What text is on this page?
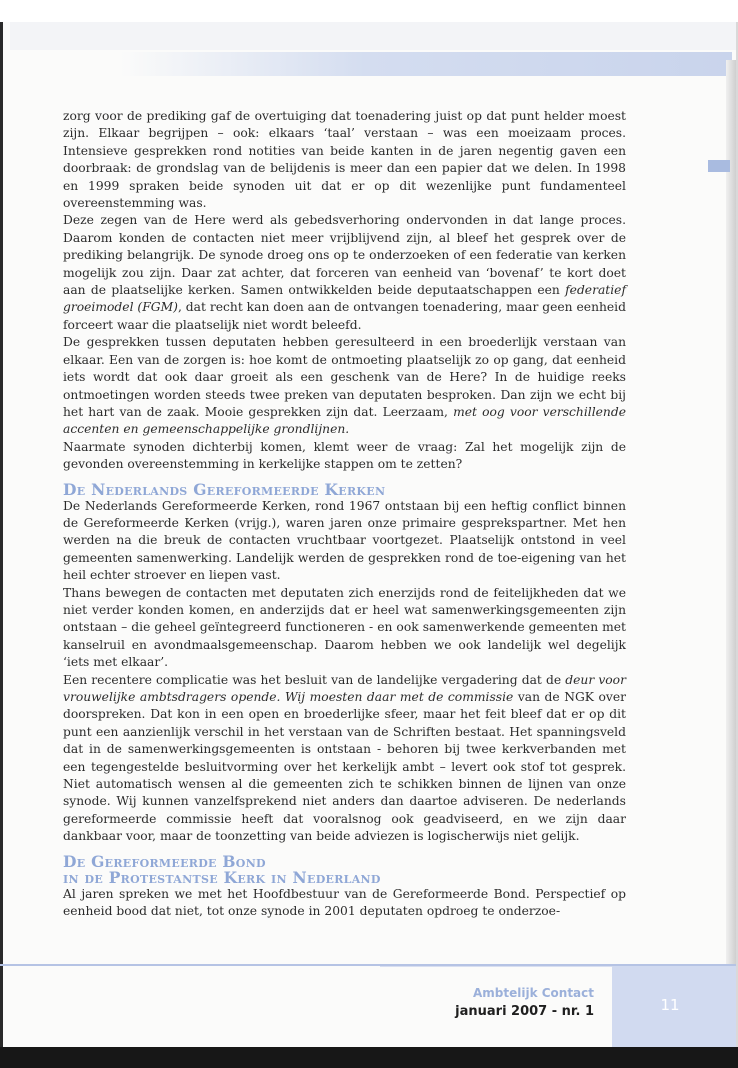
zorg voor de prediking gaf de overtuiging dat toenadering juist op dat punt helder moest zijn. Elkaar begrijpen – ook: elkaars ‘taal’ verstaan – was een moeizaam proces. Intensieve gesprekken rond notities van beide kanten in de jaren negentig gaven een doorbraak: de grondslag van de belijdenis is meer dan een papier dat we delen. In 1998 en 1999 spraken beide synoden uit dat er op dit wezenlijke punt fundamenteel overeenstemming was.

Deze zegen van de Here werd als gebedsverhoring ondervonden in dat lange proces. Daarom konden de contacten niet meer vrijblijvend zijn, al bleef het gesprek over de prediking belangrijk. De synode droeg ons op te onderzoeken of een federatie van kerken mogelijk zou zijn. Daar zat achter, dat forceren van eenheid van ‘bovenaf’ te kort doet aan de plaatselijke kerken. Samen ontwikkelden beide deputaatschappen een federatief groeimodel (FGM), dat recht kan doen aan de ontvangen toenadering, maar geen eenheid forceert waar die plaatselijk niet wordt beleefd.

De gesprekken tussen deputaten hebben geresulteerd in een broederlijk verstaan van elkaar. Een van de zorgen is: hoe komt de ontmoeting plaatselijk zo op gang, dat eenheid iets wordt dat ook daar groeit als een geschenk van de Here? In de huidige reeks ontmoetingen worden steeds twee preken van deputaten besproken. Dan zijn we echt bij het hart van de zaak. Mooie gesprekken zijn dat. Leerzaam, met oog voor verschillende accenten en gemeenschappelijke grondlijnen.

Naarmate synoden dichterbij komen, klemt weer de vraag: Zal het mogelijk zijn de gevonden overeenstemming in kerkelijke stappen om te zetten?

De Nederlands Gereformeerde Kerken

De Nederlands Gereformeerde Kerken, rond 1967 ontstaan bij een heftig conflict binnen de Gereformeerde Kerken (vrijg.), waren jaren onze primaire gesprekspartner. Met hen werden na die breuk de contacten vruchtbaar voortgezet. Plaatselijk ontstond in veel gemeenten samenwerking. Landelijk werden de gesprekken rond de toe-eigening van het heil echter stroever en liepen vast.

Thans bewegen de contacten met deputaten zich enerzijds rond de feitelijkheden dat we niet verder konden komen, en anderzijds dat er heel wat samenwerkingsgemeenten zijn ontstaan – die geheel geïntegreerd functioneren - en ook samenwerkende gemeenten met kanselruil en avondmaalsgemeenschap. Daarom hebben we ook landelijk wel degelijk ‘iets met elkaar’.

Een recentere complicatie was het besluit van de landelijke vergadering dat de deur voor vrouwelijke ambtsdragers opende. Wij moesten daar met de commissie van de NGK over doorspreken. Dat kon in een open en broederlijke sfeer, maar het feit bleef dat er op dit punt een aanzienlijk verschil in het verstaan van de Schriften bestaat. Het spanningsveld dat in de samenwerkingsgemeenten is ontstaan - behoren bij twee kerkverbanden met een tegengestelde besluitvorming over het kerkelijk ambt – levert ook stof tot gesprek. Niet automatisch wensen al die gemeenten zich te schikken binnen de lijnen van onze synode. Wij kunnen vanzelfsprekend niet anders dan daartoe adviseren. De nederlands gereformeerde commissie heeft dat vooralsnog ook geadviseerd, en we zijn daar dankbaar voor, maar de toonzetting van beide adviezen is logischerwijs niet gelijk.

De Gereformeerde Bond
in de Protestantse Kerk in Nederland

Al jaren spreken we met het Hoofdbestuur van de Gereformeerde Bond. Perspectief op eenheid bood dat niet, tot onze synode in 2001 deputaten opdroeg te onderzoe-

Ambtelijk Contact
januari 2007 - nr. 1	11
